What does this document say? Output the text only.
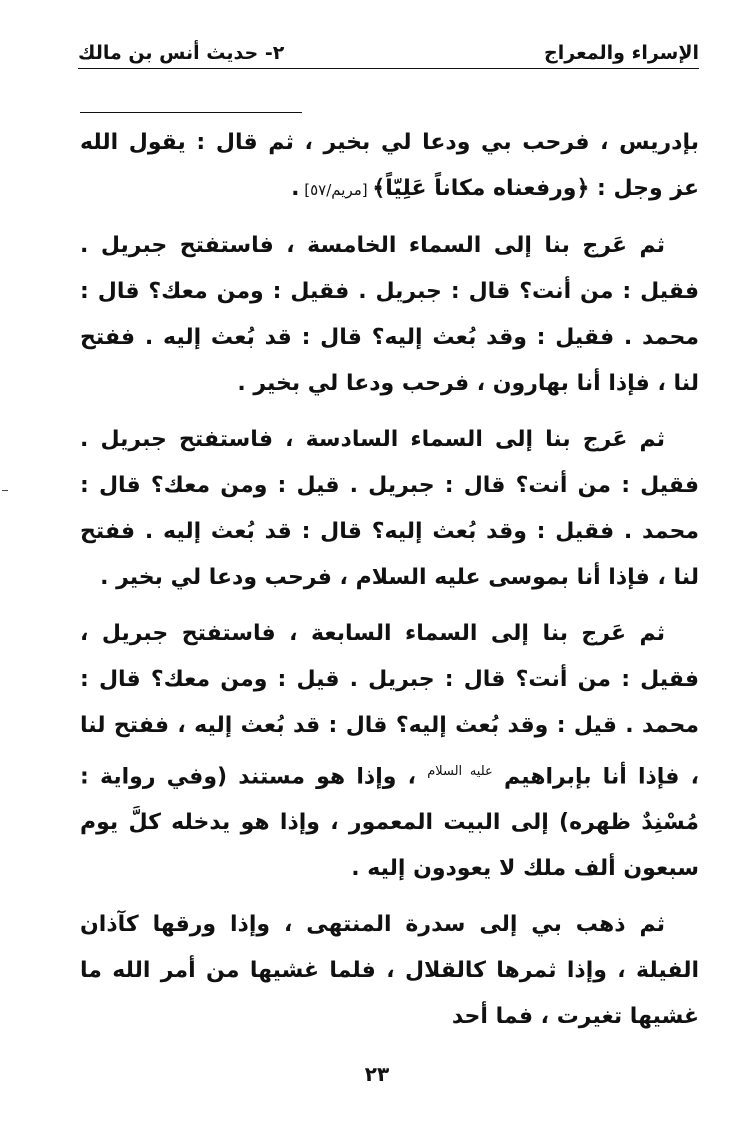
الإسراء والمعراج
٢- حديث أنس بن مالك

بإدريس ، فرحب بي ودعا لي بخير ، ثم قال : يقول الله عز وجل : ﴿ورفعناه مكاناً عَلِيّاً﴾ [مريم/٥٧] .

ثم عَرج بنا إلى السماء الخامسة ، فاستفتح جبريل . فقيل : من أنت؟ قال : جبريل . فقيل : ومن معك؟ قال : محمد . فقيل : وقد بُعث إليه؟ قال : قد بُعث إليه . ففتح لنا ، فإذا أنا بهارون ، فرحب ودعا لي بخير .

ثم عَرج بنا إلى السماء السادسة ، فاستفتح جبريل . فقيل : من أنت؟ قال : جبريل . قيل : ومن معك؟ قال : محمد . فقيل : وقد بُعث إليه؟ قال : قد بُعث إليه . ففتح لنا ، فإذا أنا بموسى عليه السلام ، فرحب ودعا لي بخير .

ثم عَرج بنا إلى السماء السابعة ، فاستفتح جبريل ، فقيل : من أنت؟ قال : جبريل . قيل : ومن معك؟ قال : محمد . قيل : وقد بُعث إليه؟ قال : قد بُعث إليه ، ففتح لنا ، فإذا أنا بإبراهيم $^{عليه السلام}$ ، وإذا هو مستند (وفي رواية : مُسْنِدٌ ظهره) إلى البيت المعمور ، وإذا هو يدخله كلَّ يوم سبعون ألف ملك لا يعودون إليه .

ثم ذهب بي إلى سدرة المنتهى ، وإذا ورقها كآذان الفيلة ، وإذا ثمرها كالقلال ، فلما غشيها من أمر الله ما غشيها تغيرت ، فما أحد

٢٣
